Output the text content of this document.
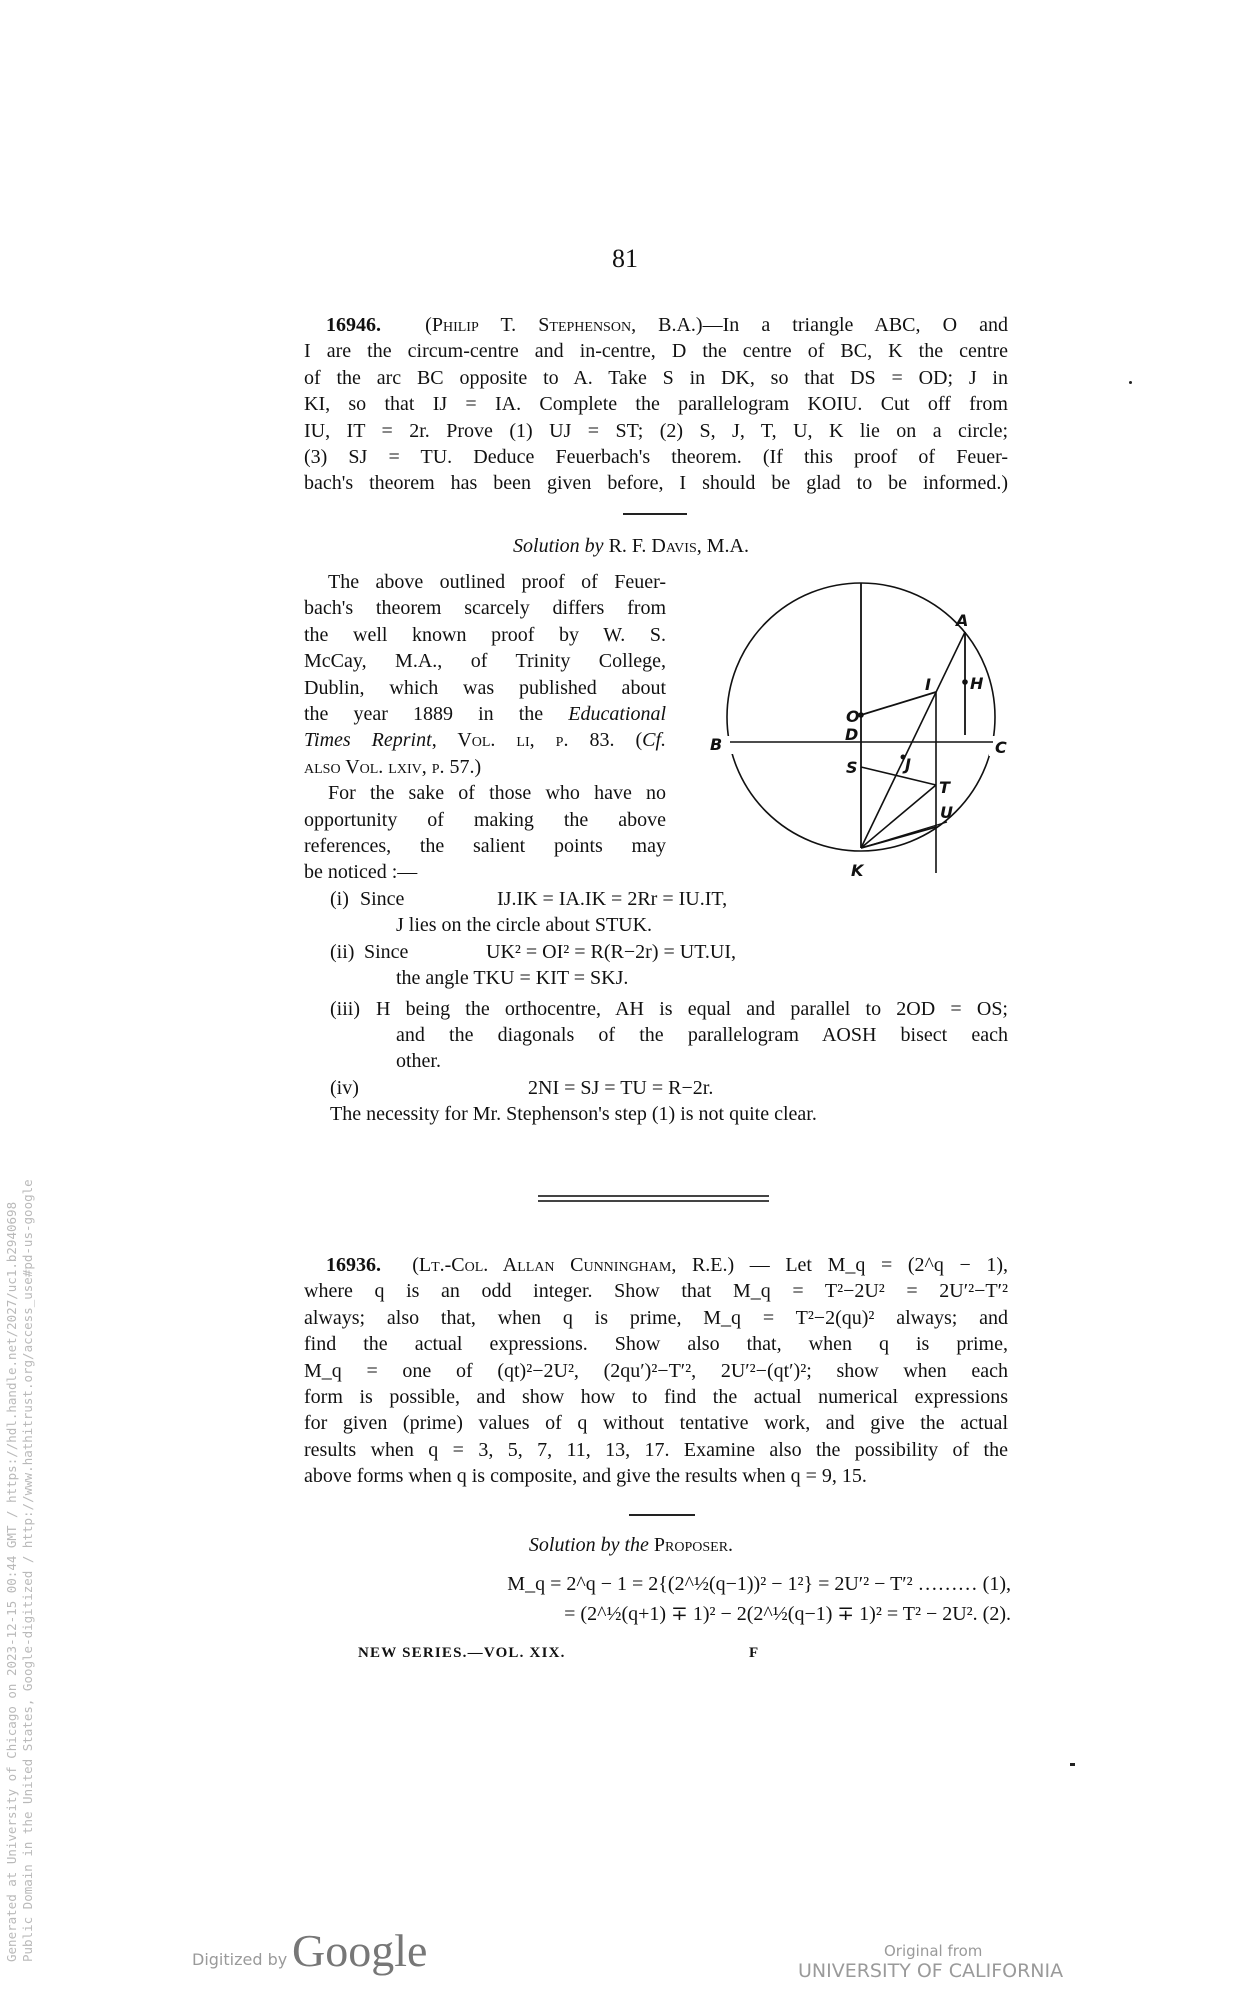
81
16946. (Philip T. Stephenson, B.A.)—In a triangle ABC, O and
I are the circum-centre and in-centre, D the centre of BC, K the centre
of the arc BC opposite to A. Take S in DK, so that DS = OD; J in
KI, so that IJ = IA. Complete the parallelogram KOIU. Cut off from
IU, IT = 2r. Prove (1) UJ = ST; (2) S, J, T, U, K lie on a circle;
(3) SJ = TU. Deduce Feuerbach's theorem. (If this proof of Feuer-
bach's theorem has been given before, I should be glad to be informed.)
Solution by R. F. Davis, M.A.
The above outlined proof of Feuer-
bach's theorem scarcely differs from
the well known proof by W. S.
McCay, M.A., of Trinity College,
Dublin, which was published about
the year 1889 in the Educational
Times Reprint, Vol. li, p. 83. (Cf.
also Vol. lxiv, p. 57.)
For the sake of those who have no
opportunity of making the above
references, the salient points may
be noticed :—
A
H
I
O
D
B	C
S	J
T
U
K
(i) Since	IJ.IK = IA.IK = 2Rr = IU.IT,
J lies on the circle about STUK.
(ii) Since	UK² = OI² = R(R−2r) = UT.UI,
the angle TKU = KIT = SKJ.
(iii) H being the orthocentre, AH is equal and parallel to 2OD = OS;
and the diagonals of the parallelogram AOSH bisect each
other.
(iv)	2NI = SJ = TU = R−2r.
The necessity for Mr. Stephenson's step (1) is not quite clear.
16936. (Lt.-Col. Allan Cunningham, R.E.) — Let M_q = (2^q − 1),
where q is an odd integer. Show that M_q = T²−2U² = 2U′²−T′²
always; also that, when q is prime, M_q = T²−2(qu)² always; and
find the actual expressions. Show also that, when q is prime,
M_q = one of (qt)²−2U², (2qu′)²−T′², 2U′²−(qt′)²; show when each
form is possible, and show how to find the actual numerical expressions
for given (prime) values of q without tentative work, and give the actual
results when q = 3, 5, 7, 11, 13, 17. Examine also the possibility of the
above forms when q is composite, and give the results when q = 9, 15.
Solution by the Proposer.
M_q = 2^q − 1 = 2{(2^½(q−1))² − 1²} = 2U′² − T′² ……… (1),
= (2^½(q+1) ∓ 1)² − 2(2^½(q−1) ∓ 1)² = T² − 2U². (2).
NEW SERIES.—VOL. XIX.	F
Generated at University of Chicago on 2023-12-15 00:44 GMT / https://hdl.handle.net/2027/uc1.b2940698 Public Domain in the United States, Google-digitized / http://www.hathitrust.org/access_use#pd-us-google	Digitized by Google	Original from
UNIVERSITY OF CALIFORNIA
